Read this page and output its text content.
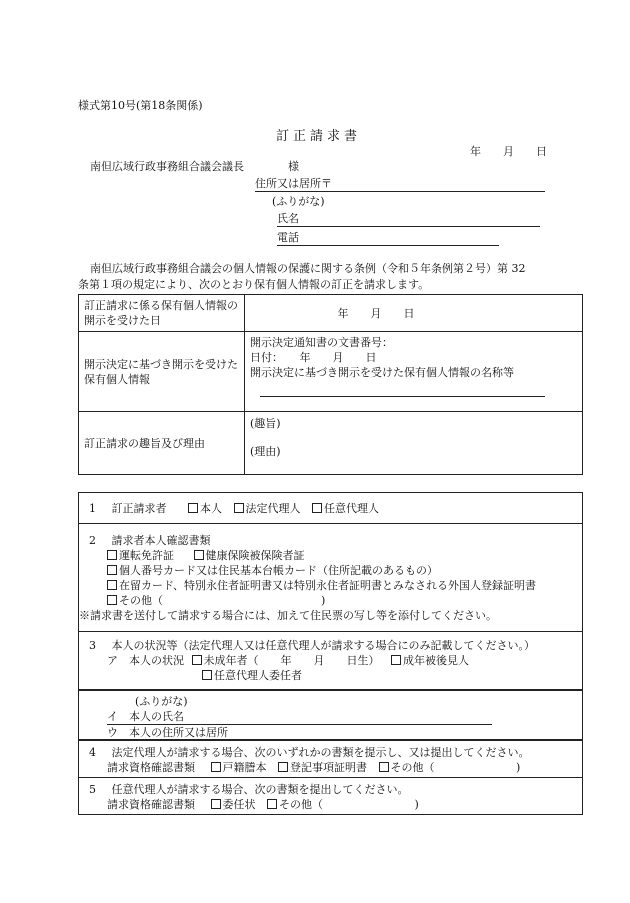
様式第10号(第18条関係)
訂正請求書
年　　月　　日
南但広域行政事務組合議会議長　　　　様
住所又は居所〒
(ふりがな)
氏名
電話
南但広域行政事務組合議会の個人情報の保護に関する条例（令和５年条例第２号）第 32
条第１項の規定により、次のとおり保有個人情報の訂正を請求します。
訂正請求に係る保有個人情報の開示を受けた日	年　　月　　日
開示決定に基づき開示を受けた保有個人情報	開示決定通知書の文書番号：
日付：　　年　　月　　日
開示決定に基づき開示を受けた保有個人情報の名称等

訂正請求の趣旨及び理由	(趣旨)
(理由)
1 訂正請求者	本人 法定代理人 任意代理人
2 請求者本人確認書類
運転免許証	健康保険被保険者証
個人番号カード又は住民基本台帳カード（住所記載のあるもの）
在留カード、特別永住者証明書又は特別永住者証明書とみなされる外国人登録証明書
その他（	)
※請求書を送付して請求する場合には、加えて住民票の写し等を添付してください。
3 本人の状況等（法定代理人又は任意代理人が請求する場合にのみ記載してください。）
ア　本人の状況 未成年者（　　年　　月　　日生） 成年被後見人
任意代理人委任者
(ふりがな)
イ　本人の氏名
ウ　本人の住所又は居所
4 法定代理人が請求する場合、次のいずれかの書類を提示し、又は提出してください。
請求資格確認書類	戸籍謄本 登記事項証明書 その他（	)
5 任意代理人が請求する場合、次の書類を提出してください。
請求資格確認書類	委任状 その他（	)
